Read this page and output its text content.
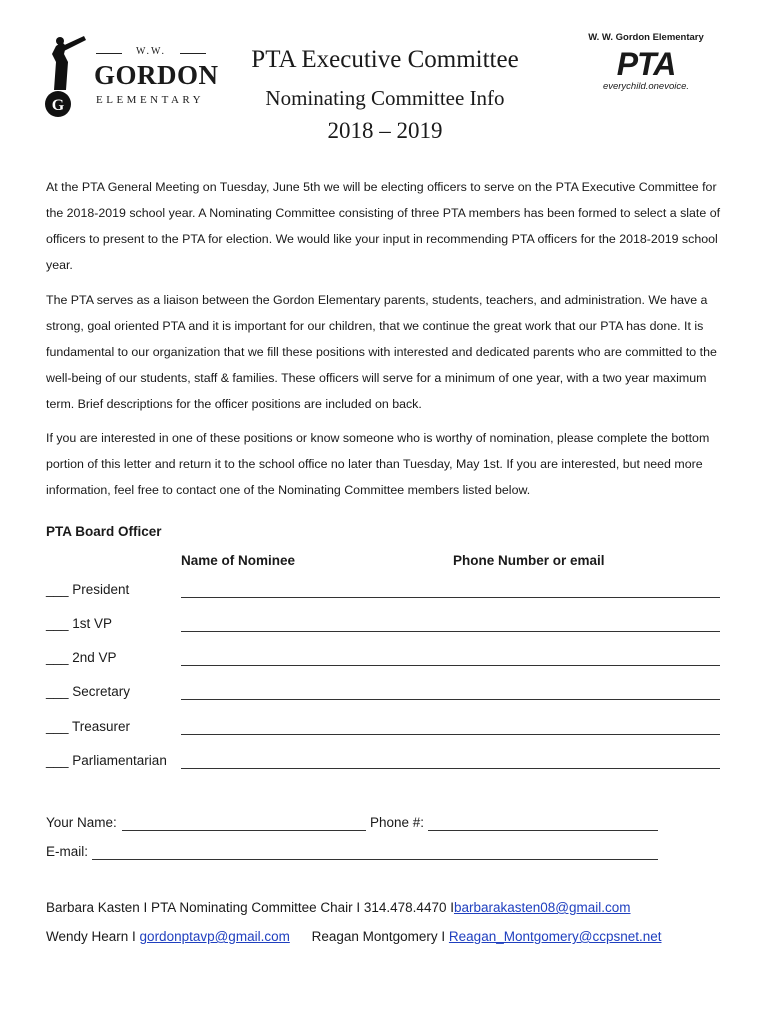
G
W.W.
GORDON
ELEMENTARY
PTA Executive Committee
Nominating Committee Info
2018 – 2019
W. W. Gordon Elementary
PTA
everychild.onevoice.

At the PTA General Meeting on Tuesday, June 5th we will be electing officers to serve on the PTA Executive Committee for the 2018-2019 school year. A Nominating Committee consisting of three PTA members has been formed to select a slate of officers to present to the PTA for election. We would like your input in recommending PTA officers for the 2018-2019 school year.

The PTA serves as a liaison between the Gordon Elementary parents, students, teachers, and administration. We have a strong, goal oriented PTA and it is important for our children, that we continue the great work that our PTA has done. It is fundamental to our organization that we fill these positions with interested and dedicated parents who are committed to the well-being of our students, staff & families. These officers will serve for a minimum of one year, with a two year maximum term. Brief descriptions for the officer positions are included on back.

If you are interested in one of these positions or know someone who is worthy of nomination, please complete the bottom portion of this letter and return it to the school office no later than Tuesday, May 1st. If you are interested, but need more information, feel free to contact one of the Nominating Committee members listed below.

PTA Board Officer
Name of Nominee	Phone Number or email
___ President
___ 1st VP
___ 2nd VP
___ Secretary
___ Treasurer
___ Parliamentarian
Your Name:	Phone #:
E-mail:
Barbara Kasten I PTA Nominating Committee Chair I 314.478.4470 Ibarbarakasten08@gmail.com
Wendy Hearn I gordonptavp@gmail.com Reagan Montgomery I Reagan_Montgomery@ccpsnet.net
